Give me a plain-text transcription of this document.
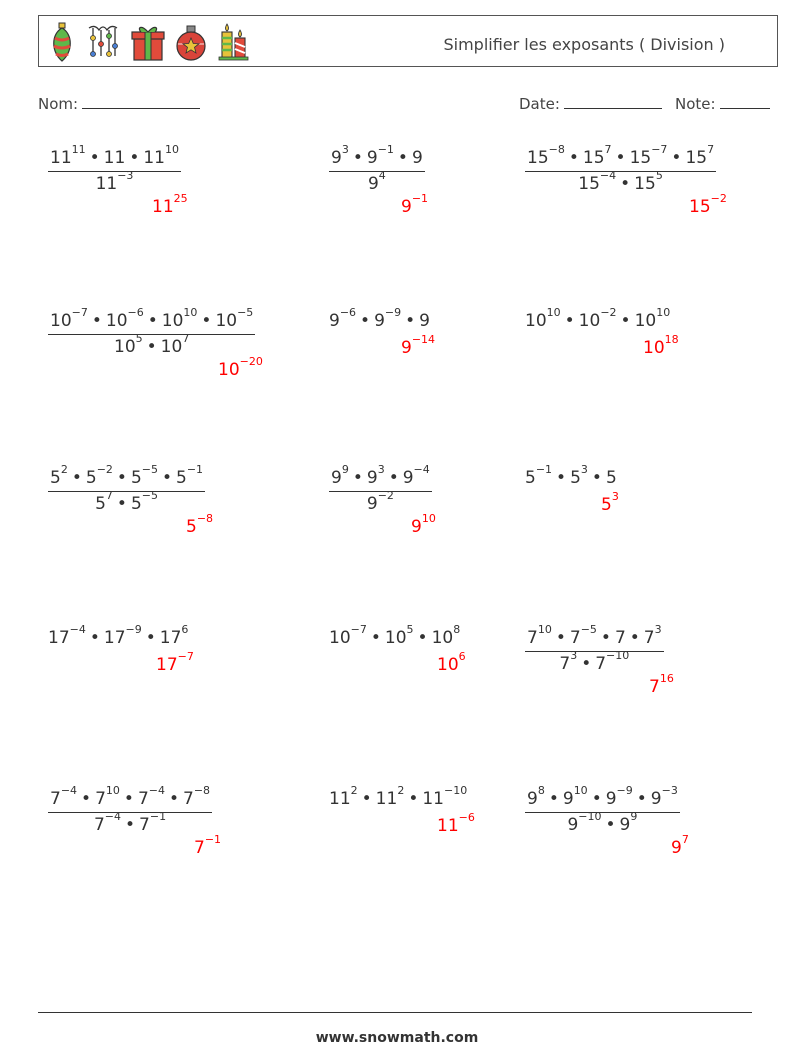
Simplifier les exposants ( Division )
Nom:	Date:	Note:
$\frac{11^{11} • 11 • 11^{10}}{11^{-3}}$
$11^{25}$
$\frac{9^3 • 9^{-1} • 9}{9^4}$
$9^{-1}$
$\frac{15^{-8} • 15^7 • 15^{-7} • 15^7}{15^{-4} • 15^5}$
$15^{-2}$
$\frac{10^{-7} • 10^{-6} • 10^{10} • 10^{-5}}{10^5 • 10^7}$
$10^{-20}$
$9^{-6}$ • $9^{-9}$ • 9
$9^{-14}$
$10^{10}$ • $10^{-2}$ • $10^{10}$
$10^{18}$
$\frac{5^2 • 5^{-2} • 5^{-5} • 5^{-1}}{5^7 • 5^{-5}}$
$5^{-8}$
$\frac{9^9 • 9^3 • 9^{-4}}{9^{-2}}$
$9^{10}$
$5^{-1}$ • $5^3$ • 5
$5^3$
$17^{-4}$ • $17^{-9}$ • $17^6$
$17^{-7}$
$10^{-7}$ • $10^5$ • $10^8$
$10^6$	$\frac{7^{10} • 7^{-5} • 7 • 7^3}{7^3 • 7^{-10}}$
$7^{16}$
$\frac{7^{-4} • 7^{10} • 7^{-4} • 7^{-8}}{7^{-4} • 7^{-1}}$
$7^{-1}$
$11^2$ • $11^2$ • $11^{-10}$
$11^{-6}$	$\frac{9^8 • 9^{10} • 9^{-9} • 9^{-3}}{9^{-10} • 9^9}$
$9^7$
www.snowmath.com
